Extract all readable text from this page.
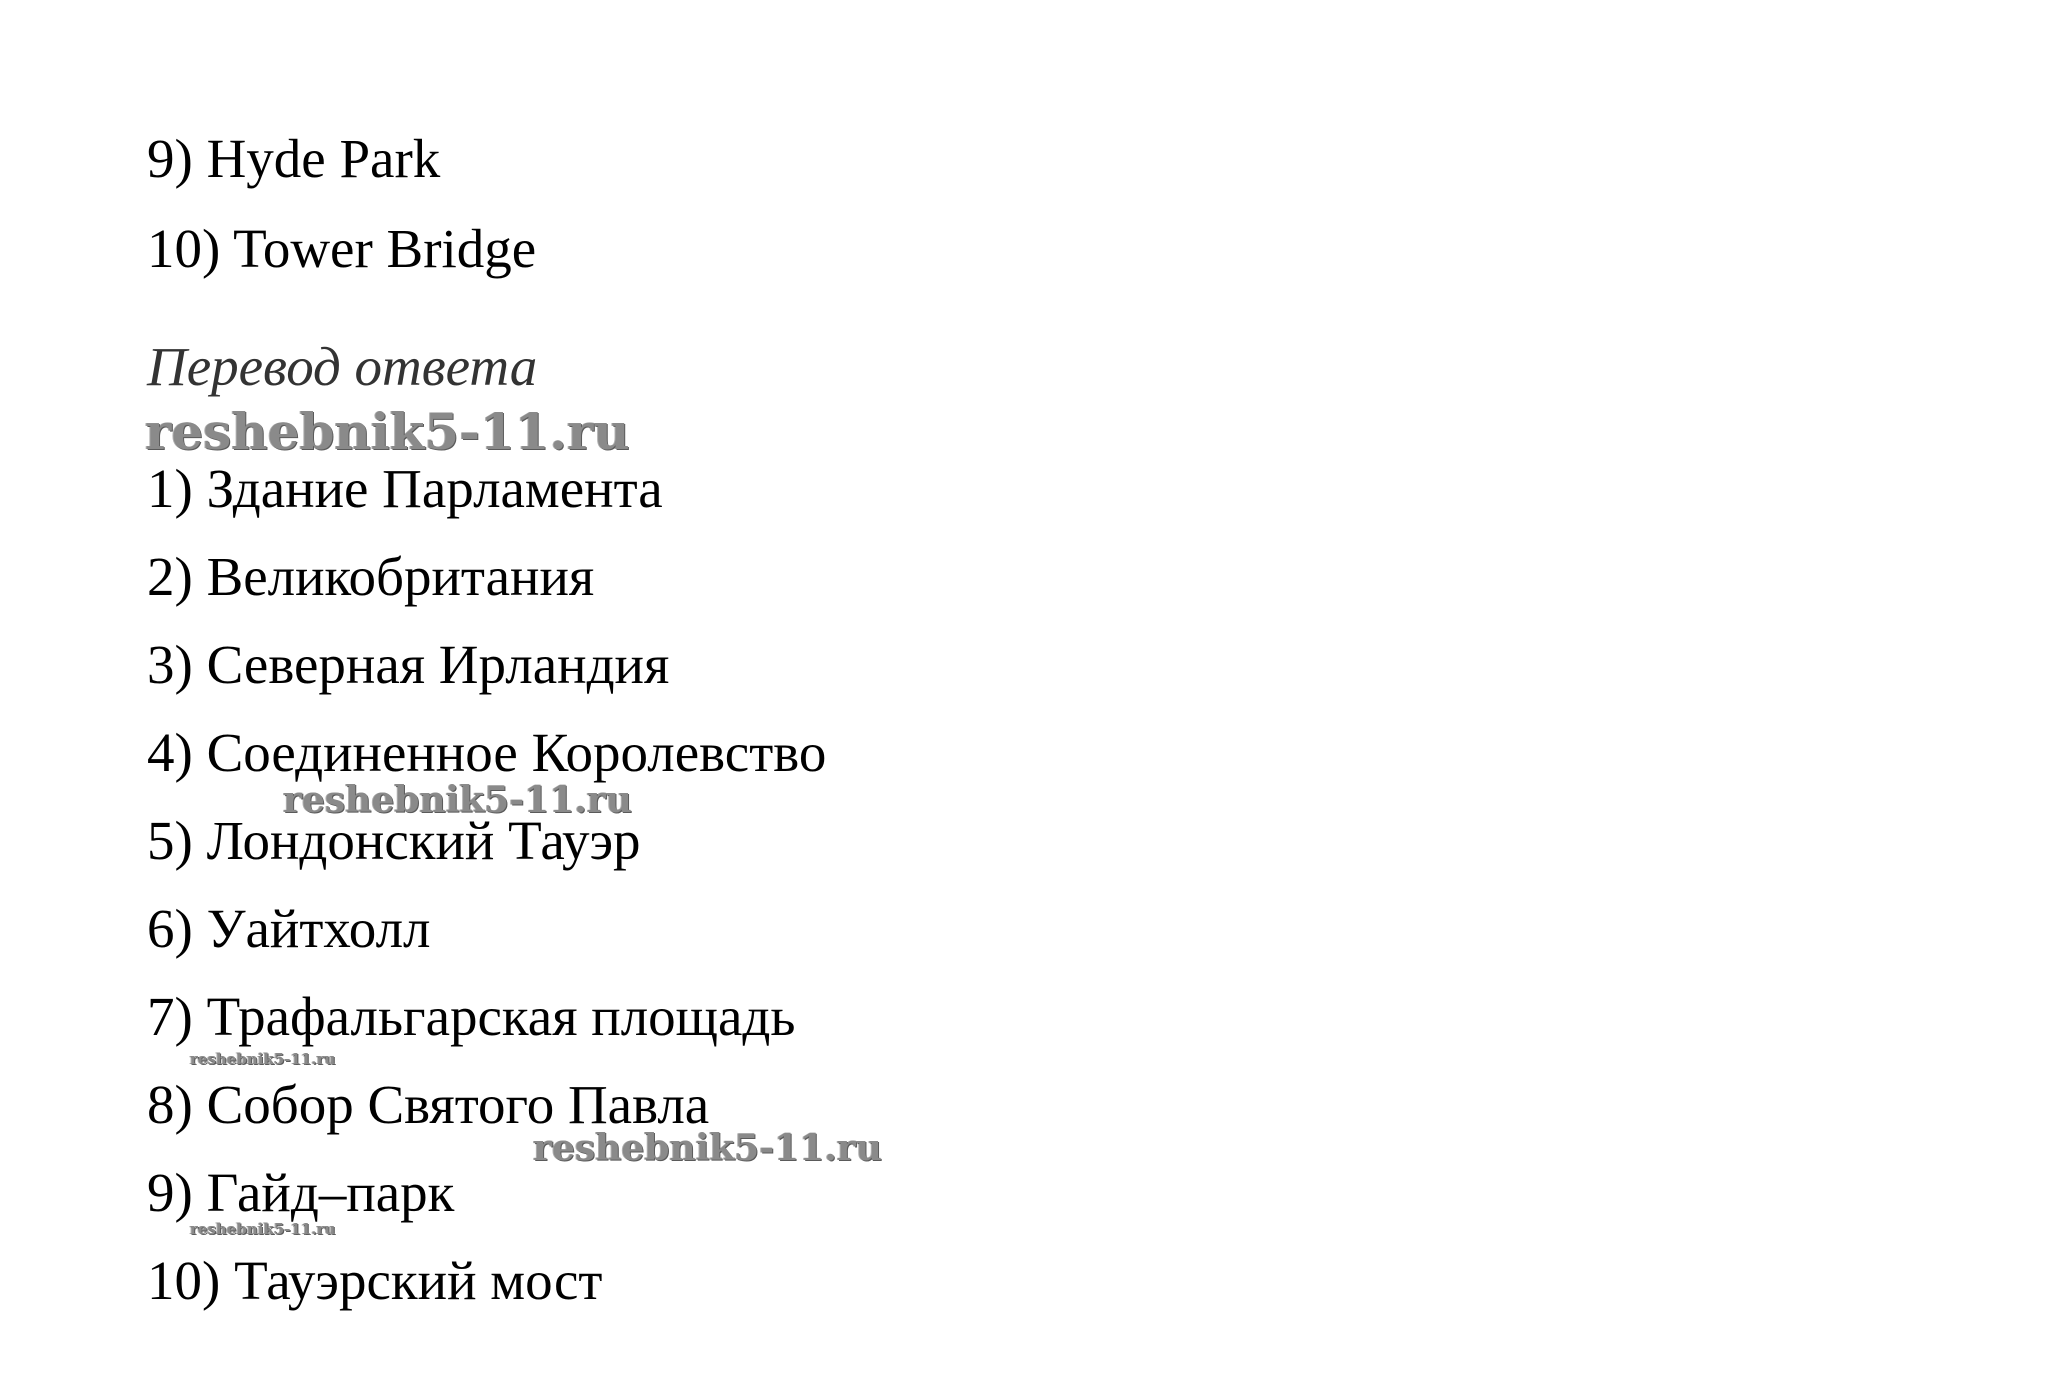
9) Hyde Park
10) Tower Bridge
Перевод ответа
reshebnik5-11.ru
1) Здание Парламента
2) Великобритания
3) Северная Ирландия
4) Соединенное Королевство
reshebnik5-11.ru
5) Лондонский Тауэр
6) Уайтхолл
7) Трафальгарская площадь
reshebnik5-11.ru
8) Собор Святого Павла
reshebnik5-11.ru
9) Гайд–парк
reshebnik5-11.ru
10) Тауэрский мост
